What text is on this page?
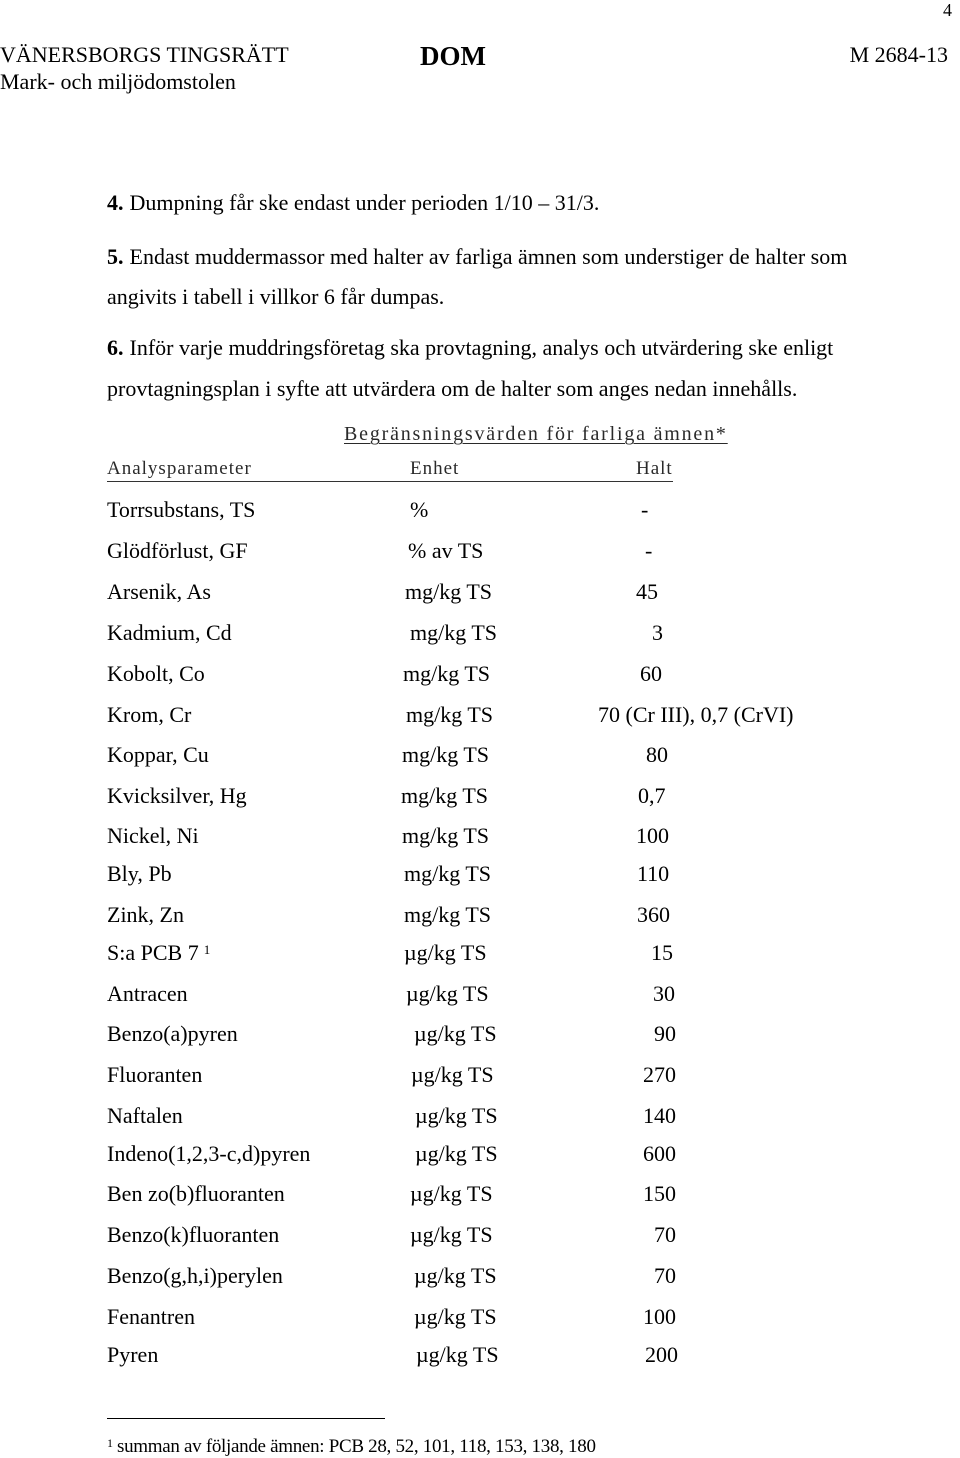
4
VÄNERSBORGS TINGSRÄTT	DOM	M 2684-13
Mark- och miljödomstolen
4. Dumpning får ske endast under perioden 1/10 – 31/3.
5. Endast muddermassor med halter av farliga ämnen som understiger de halter som
angivits i tabell i villkor 6 får dumpas.
6. Inför varje muddringsföretag ska provtagning, analys och utvärdering ske enligt
provtagningsplan i syfte att utvärdera om de halter som anges nedan innehålls.
Begränsningsvärden för farliga ämnen*
Analysparameter	Enhet	Halt
Torrsubstans, TS	%	-
Glödförlust, GF	% av TS	-
Arsenik, As	mg/kg TS	45
Kadmium, Cd	mg/kg TS	3
Kobolt, Co	mg/kg TS	60
Krom, Cr	mg/kg TS	70 (Cr III), 0,7 (CrVI)
Koppar, Cu	mg/kg TS	80
Kvicksilver, Hg	mg/kg TS	0,7
Nickel, Ni	mg/kg TS	100
Bly, Pb	mg/kg TS	110
Zink, Zn	mg/kg TS	360
S:a PCB 7 $^1$	µg/kg TS	15
Antracen	µg/kg TS	30
Benzo(a)pyren	µg/kg TS	90
Fluoranten	µg/kg TS	270
Naftalen	µg/kg TS	140
Indeno(1,2,3-c,d)pyren	µg/kg TS	600
Ben zo(b)fluoranten	µg/kg TS	150
Benzo(k)fluoranten	µg/kg TS	70
Benzo(g,h,i)perylen	µg/kg TS	70
Fenantren	µg/kg TS	100
Pyren	µg/kg TS	200
$^1$ summan av följande ämnen: PCB 28, 52, 101, 118, 153, 138, 180
